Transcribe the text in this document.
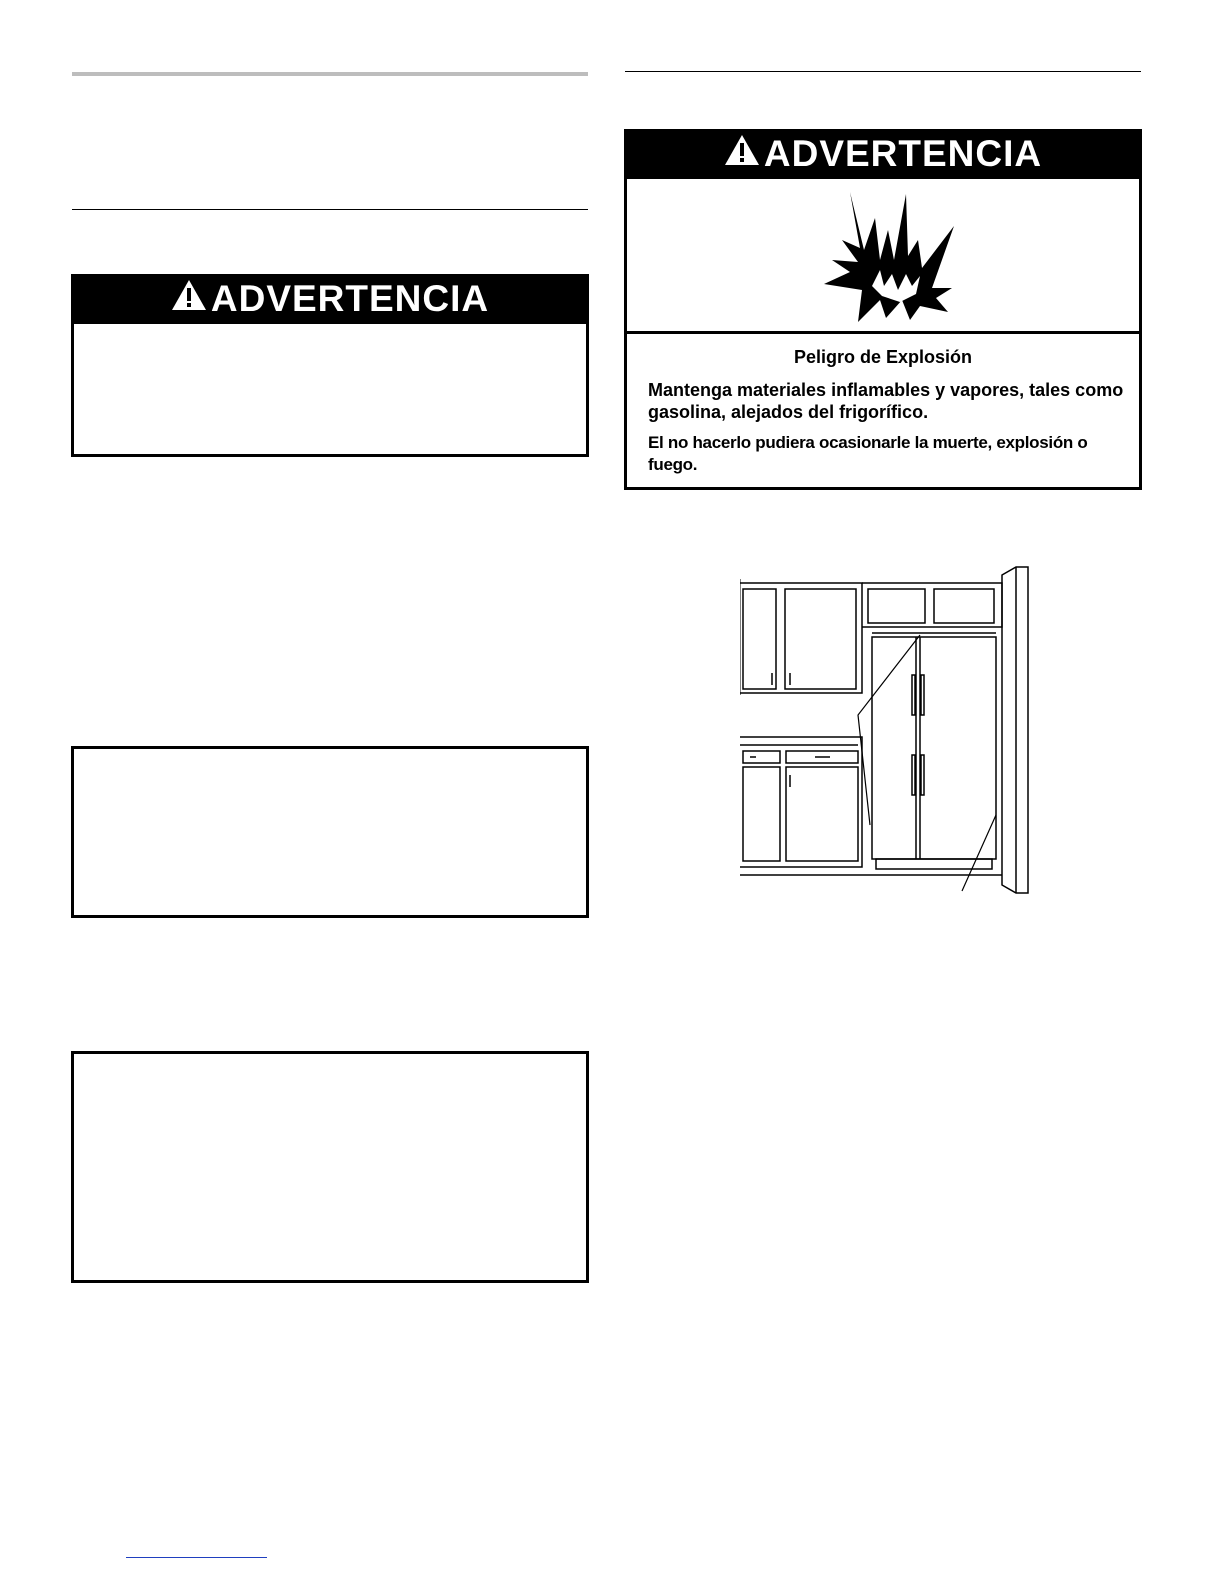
ADVERTENCIA
ADVERTENCIA
Peligro de Explosión
Mantenga materiales inflamables y vapores, tales como gasolina, alejados del frigorífico.
El no hacerlo pudiera ocasionarle la muerte, explosión o fuego.
